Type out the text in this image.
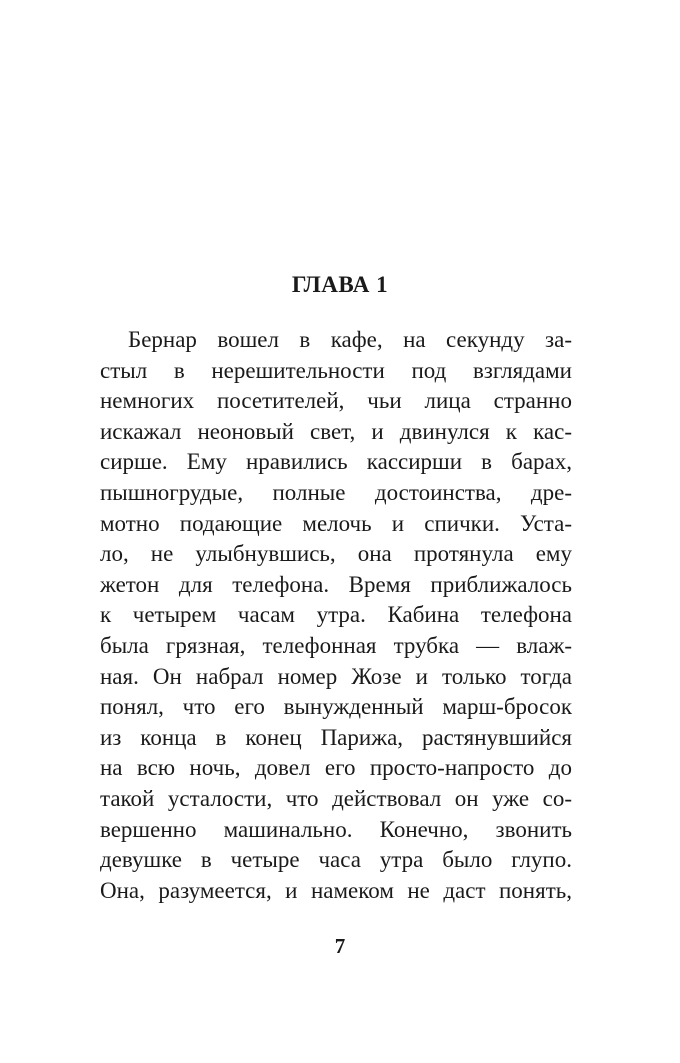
ГЛАВА 1
Бернар вошел в кафе, на секунду за-
стыл в нерешительности под взглядами
немногих посетителей, чьи лица странно
искажал неоновый свет, и двинулся к кас-
сирше. Ему нравились кассирши в барах,
пышногрудые, полные достоинства, дре-
мотно подающие мелочь и спички. Уста-
ло, не улыбнувшись, она протянула ему
жетон для телефона. Время приближалось
к четырем часам утра. Кабина телефона
была грязная, телефонная трубка — влаж-
ная. Он набрал номер Жозе и только тогда
понял, что его вынужденный марш-бросок
из конца в конец Парижа, растянувшийся
на всю ночь, довел его просто-напросто до
такой усталости, что действовал он уже со-
вершенно машинально. Конечно, звонить
девушке в четыре часа утра было глупо.
Она, разумеется, и намеком не даст понять,
7
